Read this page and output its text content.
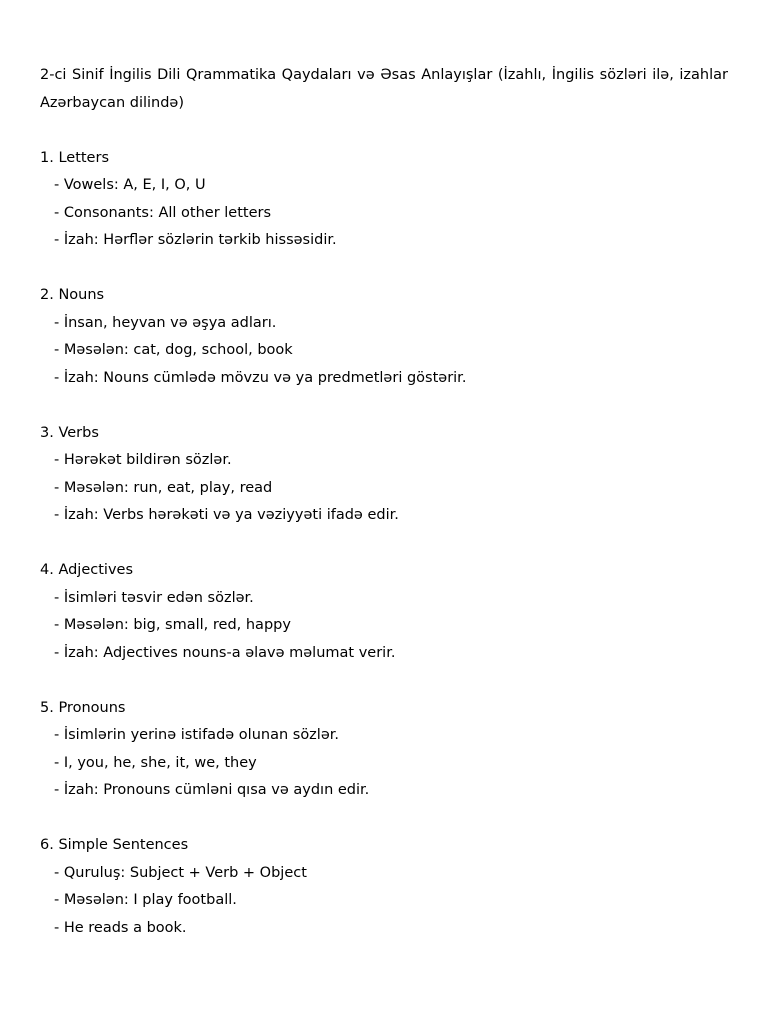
2-ci Sinif İngilis Dili Qrammatika Qaydaları və Əsas Anlayışlar (İzahlı, İngilis sözləri ilə, izahlar Azərbaycan dilində)

1. Letters
- Vowels: A, E, I, O, U
- Consonants: All other letters
- İzah: Hərflər sözlərin tərkib hissəsidir.
2. Nouns
- İnsan, heyvan və əşya adları.
- Məsələn: cat, dog, school, book
- İzah: Nouns cümlədə mövzu və ya predmetləri göstərir.
3. Verbs
- Hərəkət bildirən sözlər.
- Məsələn: run, eat, play, read
- İzah: Verbs hərəkəti və ya vəziyyəti ifadə edir.
4. Adjectives
- İsimləri təsvir edən sözlər.
- Məsələn: big, small, red, happy
- İzah: Adjectives nouns-a əlavə məlumat verir.
5. Pronouns
- İsimlərin yerinə istifadə olunan sözlər.
- I, you, he, she, it, we, they
- İzah: Pronouns cümləni qısa və aydın edir.
6. Simple Sentences
- Quruluş: Subject + Verb + Object
- Məsələn: I play football.
- He reads a book.
